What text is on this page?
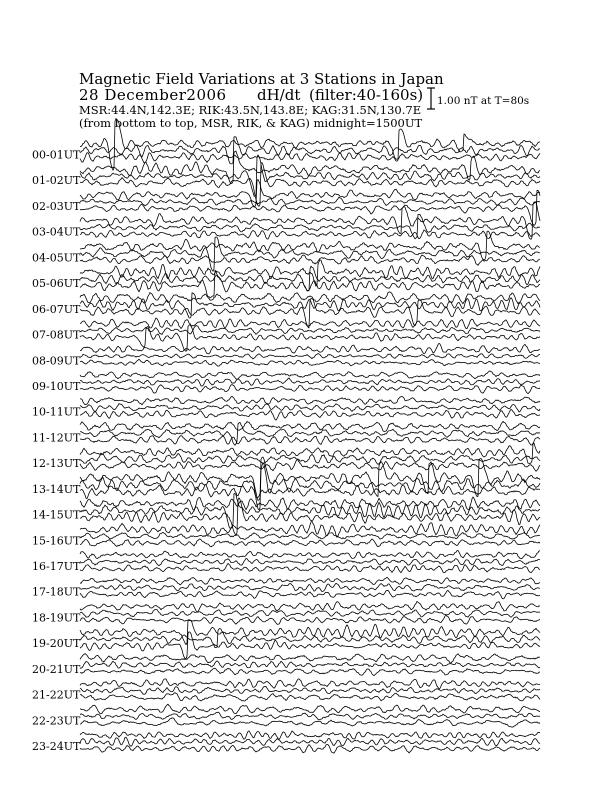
Magnetic Field Variations at 3 Stations in Japan
28 December2006 dH/dt (filter:40-160s)
MSR:44.4N,142.3E; RIK:43.5N,143.8E; KAG:31.5N,130.7E
(from bottom to top, MSR, RIK, & KAG) midnight=1500UT
1.00 nT at T=80s
00-01UT
01-02UT
02-03UT
03-04UT
04-05UT
05-06UT
06-07UT
07-08UT
08-09UT
09-10UT
10-11UT
11-12UT
12-13UT
13-14UT
14-15UT
15-16UT
16-17UT
17-18UT
18-19UT
19-20UT
20-21UT
21-22UT
22-23UT
23-24UT
